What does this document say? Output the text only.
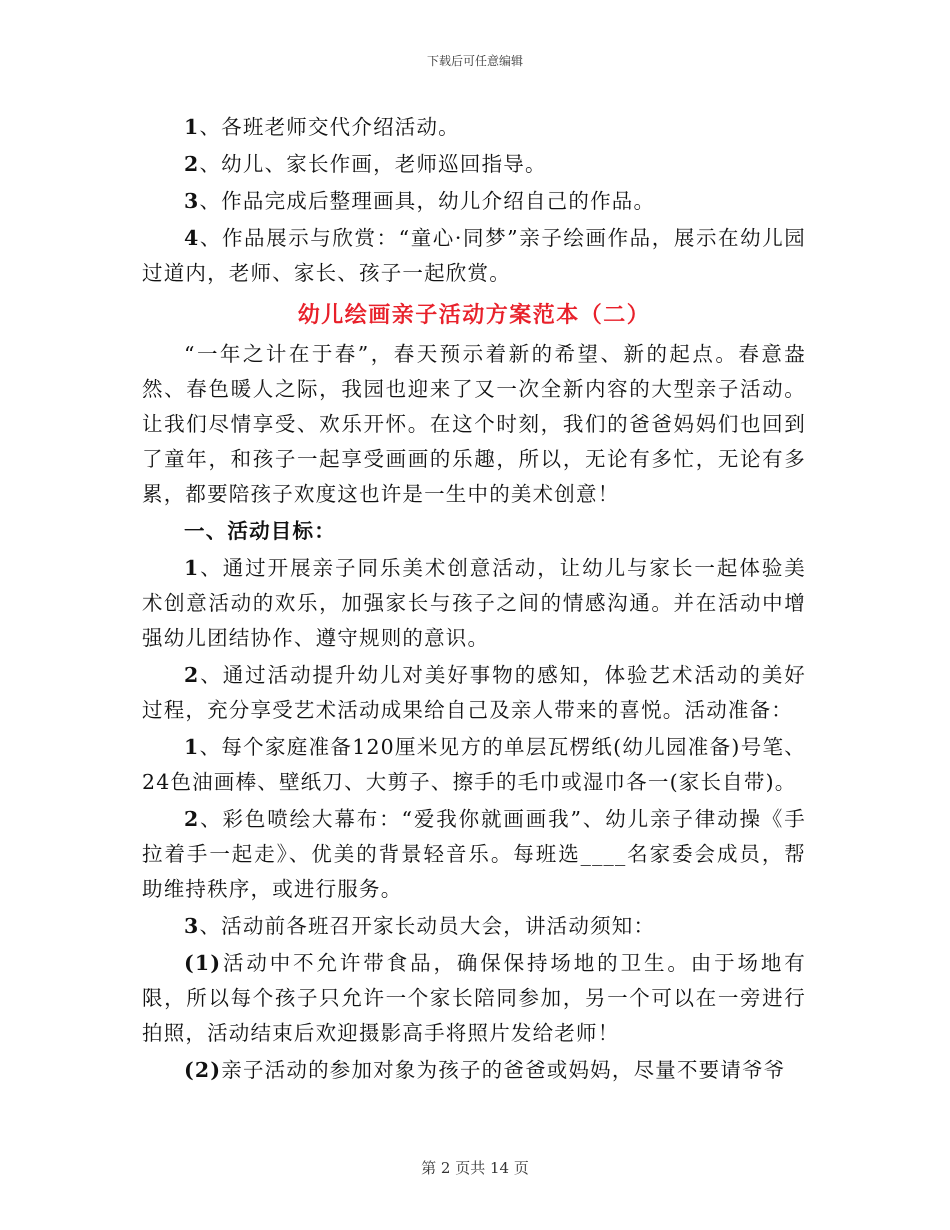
下载后可任意编辑

1、各班老师交代介绍活动。

2、幼儿、家长作画，老师巡回指导。

3、作品完成后整理画具，幼儿介绍自己的作品。

4、作品展示与欣赏：“童心·同梦”亲子绘画作品，展示在幼儿园过道内，老师、家长、孩子一起欣赏。

幼儿绘画亲子活动方案范本（二）

“一年之计在于春”，春天预示着新的希望、新的起点。春意盎然、春色暖人之际，我园也迎来了又一次全新内容的大型亲子活动。让我们尽情享受、欢乐开怀。在这个时刻，我们的爸爸妈妈们也回到了童年，和孩子一起享受画画的乐趣，所以，无论有多忙，无论有多累，都要陪孩子欢度这也许是一生中的美术创意！

一、活动目标：

1、通过开展亲子同乐美术创意活动，让幼儿与家长一起体验美术创意活动的欢乐，加强家长与孩子之间的情感沟通。并在活动中增强幼儿团结协作、遵守规则的意识。

2、通过活动提升幼儿对美好事物的感知，体验艺术活动的美好过程，充分享受艺术活动成果给自己及亲人带来的喜悦。活动准备：

1、每个家庭准备120厘米见方的单层瓦楞纸(幼儿园准备)号笔、24色油画棒、壁纸刀、大剪子、擦手的毛巾或湿巾各一(家长自带)。

2、彩色喷绘大幕布：“爱我你就画画我”、幼儿亲子律动操《手拉着手一起走》、优美的背景轻音乐。每班选____名家委会成员，帮助维持秩序，或进行服务。

3、活动前各班召开家长动员大会，讲活动须知：

(1)活动中不允许带食品，确保保持场地的卫生。由于场地有限，所以每个孩子只允许一个家长陪同参加，另一个可以在一旁进行拍照，活动结束后欢迎摄影高手将照片发给老师！

(2)亲子活动的参加对象为孩子的爸爸或妈妈，尽量不要请爷爷

第 2 页共 14 页
